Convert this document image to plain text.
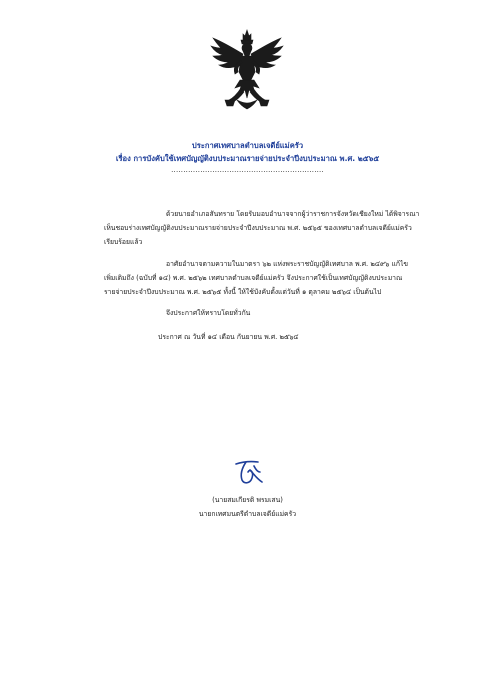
ประกาศเทศบาลตำบลเจดีย์แม่ครัว
เรื่อง การบังคับใช้เทศบัญญัติงบประมาณรายจ่ายประจำปีงบประมาณ พ.ศ. ๒๕๖๕
...............................................................
ด้วยนายอำเภอสันทราย โดยรับมอบอำนาจจากผู้ว่าราชการจังหวัดเชียงใหม่ ได้พิจารณา
เห็นชอบร่างเทศบัญญัติงบประมาณรายจ่ายประจำปีงบประมาณ พ.ศ. ๒๕๖๕ ของเทศบาลตำบลเจดีย์แม่ครัว
เรียบร้อยแล้ว
อาศัยอำนาจตามความในมาตรา ๖๒ แห่งพระราชบัญญัติเทศบาล พ.ศ. ๒๔๙๖ แก้ไข
เพิ่มเติมถึง (ฉบับที่ ๑๔) พ.ศ. ๒๕๖๒ เทศบาลตำบลเจดีย์แม่ครัว จึงประกาศใช้เป็นเทศบัญญัติงบประมาณ
รายจ่ายประจำปีงบประมาณ พ.ศ. ๒๕๖๕ ทั้งนี้ ให้ใช้บังคับตั้งแต่วันที่ ๑ ตุลาคม ๒๕๖๔ เป็นต้นไป
จึงประกาศให้ทราบโดยทั่วกัน
ประกาศ ณ วันที่ ๑๔ เดือน กันยายน พ.ศ. ๒๕๖๔
(นายสมเกียรติ พรมเสน)
นายกเทศมนตรีตำบลเจดีย์แม่ครัว
